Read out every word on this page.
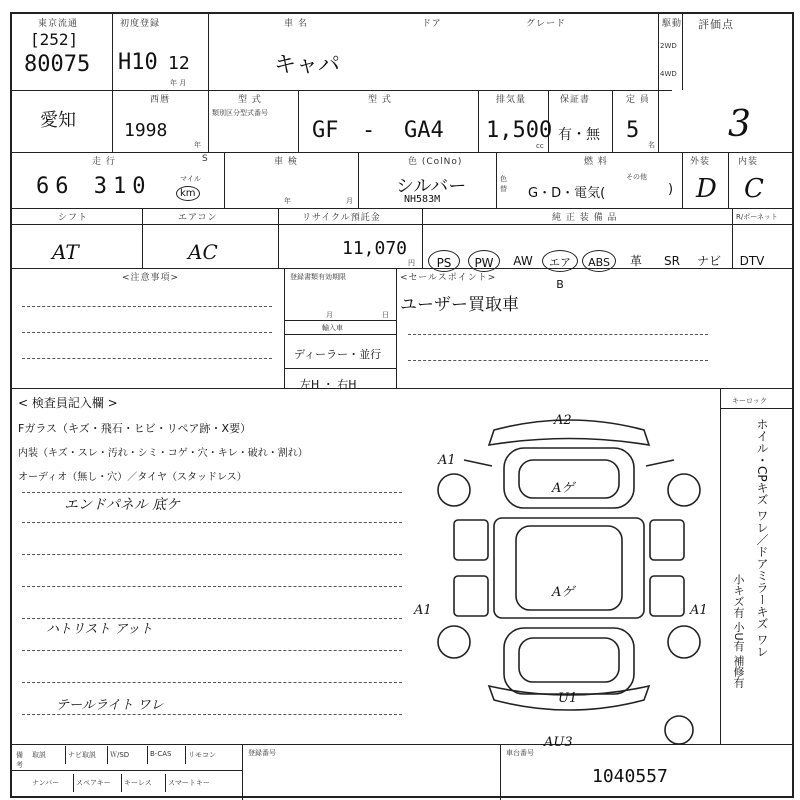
東京流通
[252]
80075
初度登録
H10 12
年 月
車 名	ドア	グレード
キャパ
駆動
2WD
4WD
評価点
3
愛知
西暦
1998
年
型 式
類別区分型式番号
型 式
GF - GA4
排気量
1,500
cc
保証書
有・無
定 員
5
名
走 行
66 310	マイル
km
S	車 検
年	月
色 (ColNo)
シルバー
NH583M
色替
燃 料
G・D・電気(
その他
)
外装
D
内装
C
シフト
AT
エアコン
AC
リサイクル預託金
11,070
円
純 正 装 備 品	R/ポーネット
PS	PW	AW	エアB
ABS	革	SR	ナビ	DTV
<注意事項>	登録書類有効期限
月	日
輸入車
ディーラー・並行
左H ・ 右H
<セールスポイント>
ユーザー買取車
< 検査員記入欄 >
Fガラス（キズ・飛石・ヒビ・リペア跡・X要）
内装（キズ・スレ・汚れ・シミ・コゲ・穴・キレ・破れ・割れ）
オーディオ（無し・穴）／タイヤ（スタッドレス）
エンドパネル 底ケ
ハトリスト アット
テールライト ワレ
A2
A1
A1	A1
Aゲ
Aゲ
U1
AU3
キーロック
ホイル・CPキズ ワレ／ドアミラーキズ ワレ
小キズ有 小U有 補修有
備考
取説	ナビ取説	Ｗ/SD	B-CAS	リモコン
ナンバー	スペアキー	キーレス	スマートキー
登録番号	車台番号
1040557
